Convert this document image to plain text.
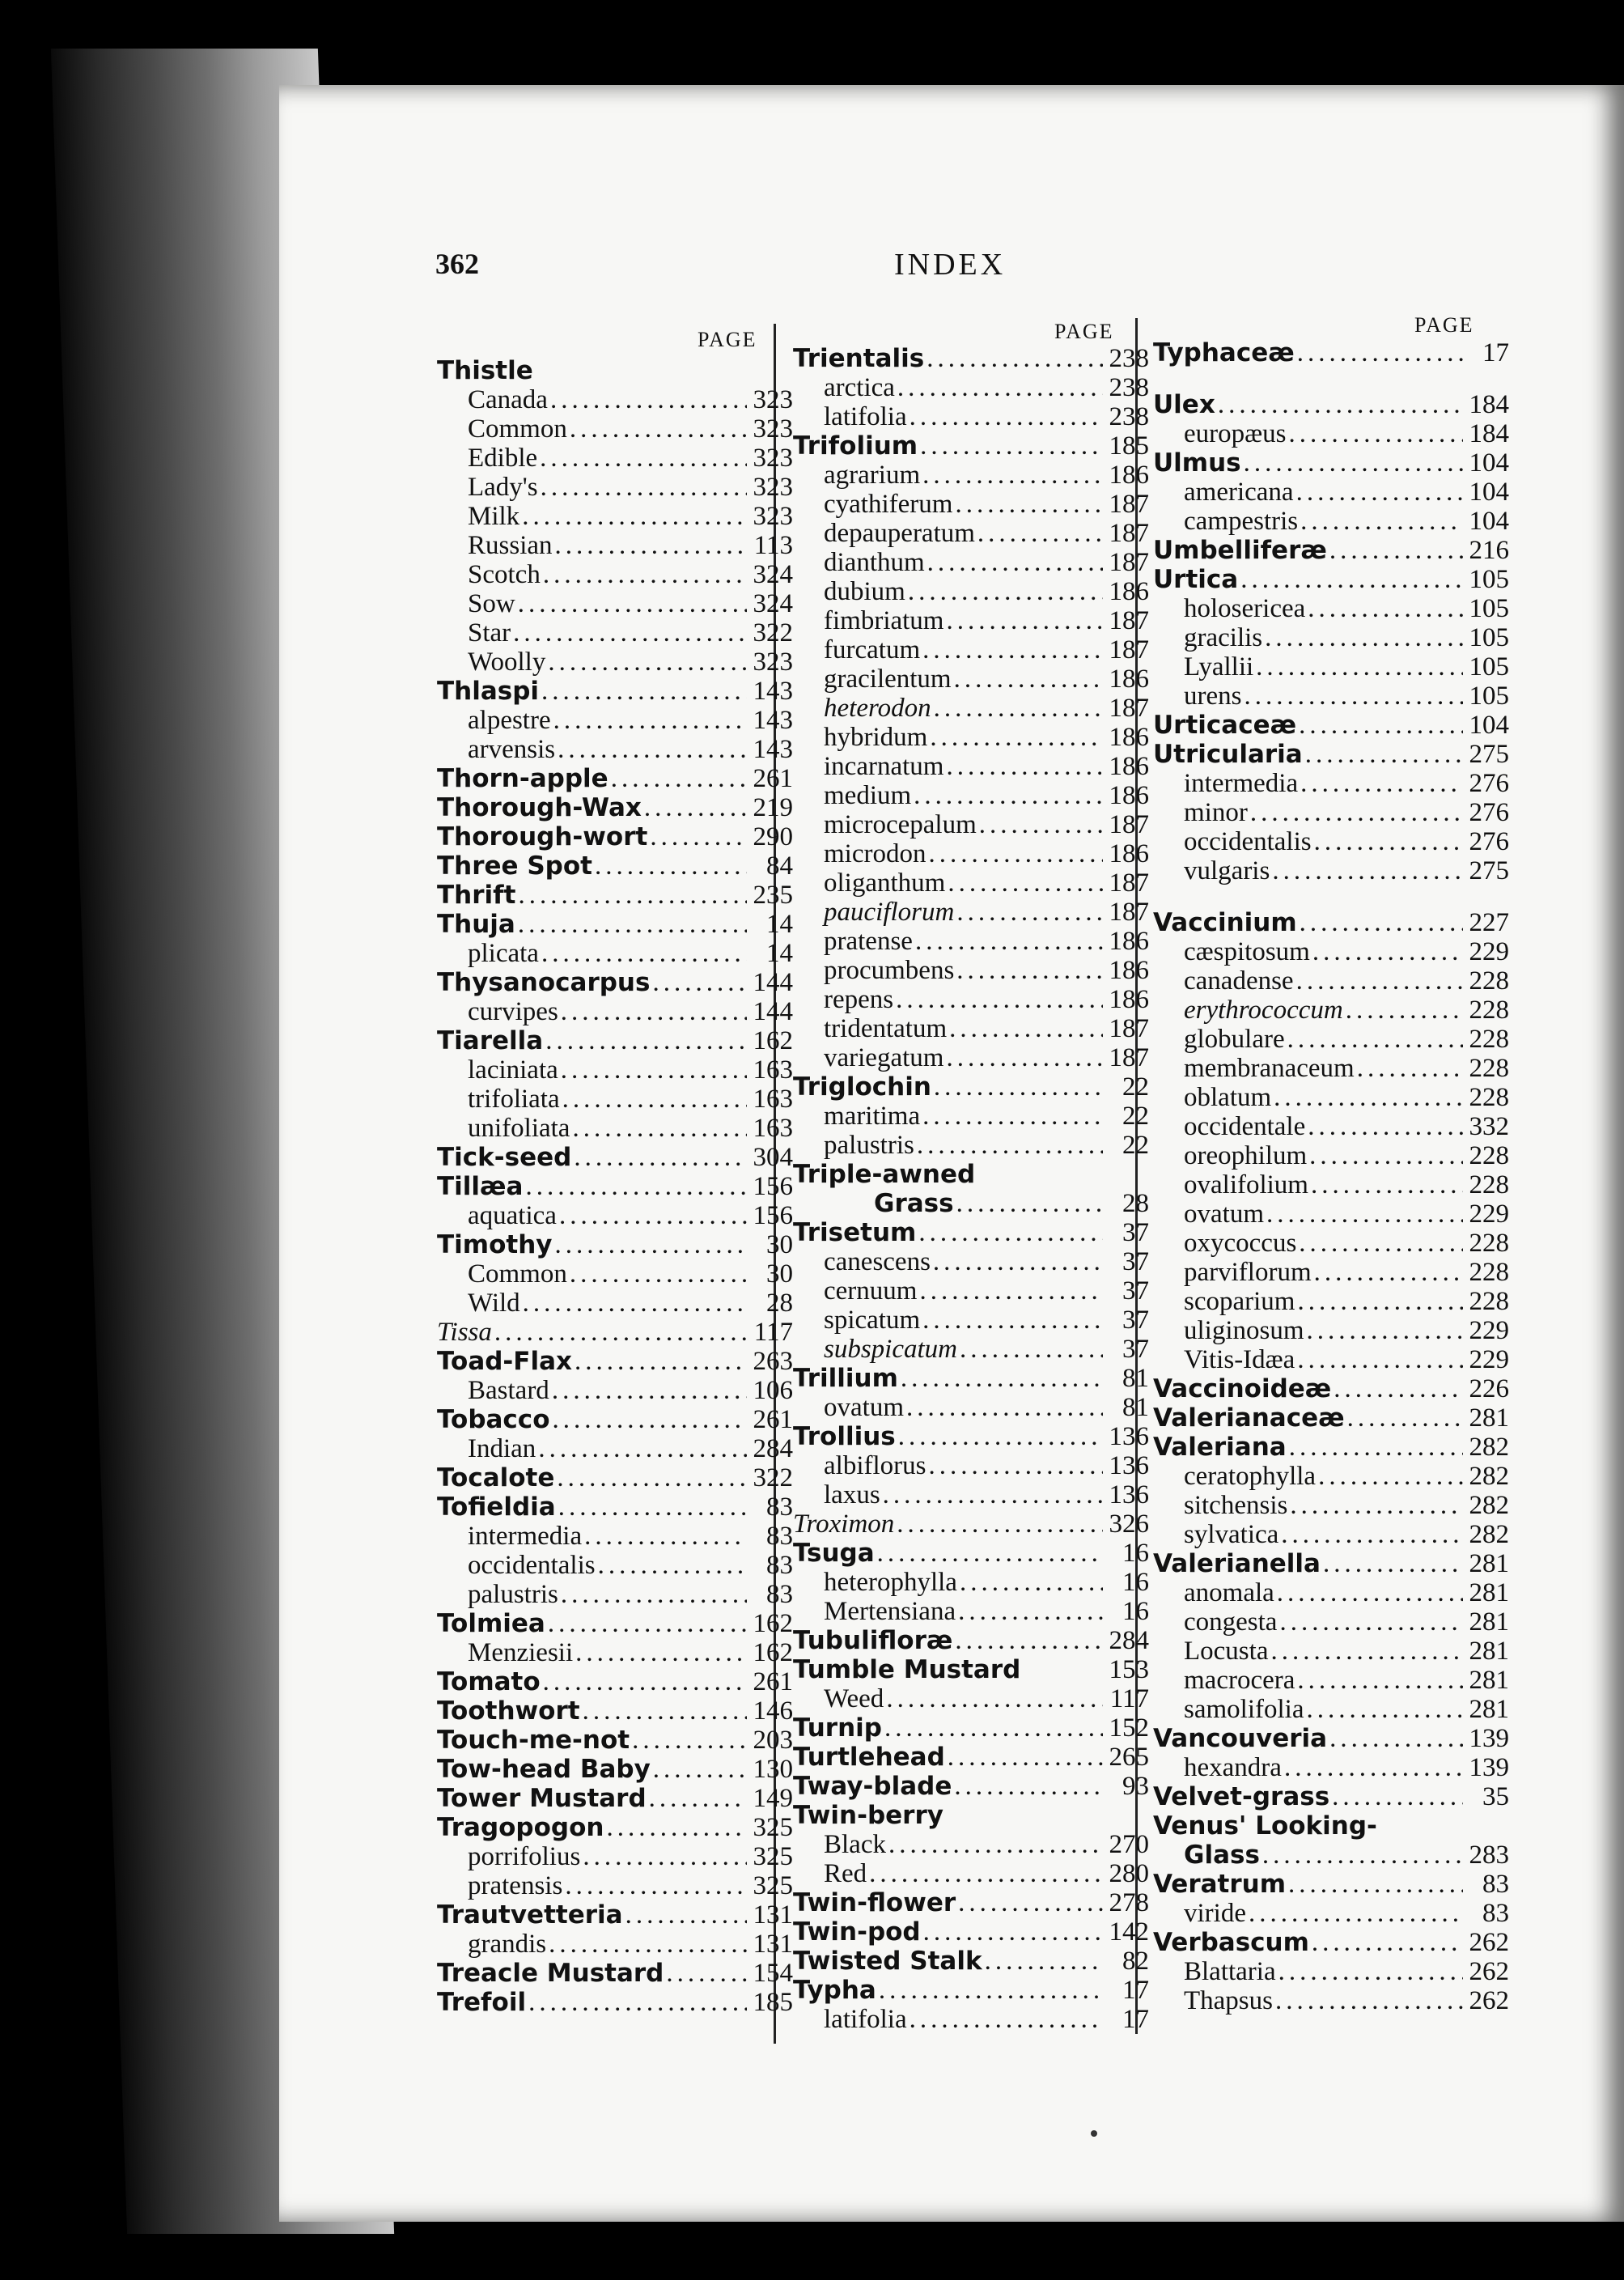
362	INDEX
PAGE	PAGE	PAGE
Thistle
Canada .....	323
Common .....	323
Edible .....	323
Lady's .....	323
Milk .....	323
Russian .....	113
Scotch .....	324
Sow .....	324
Star .....	322
Woolly .....	323
Thlaspi .....	143
alpestre .....	143
arvensis .....	143
Thorn-apple .....	261
Thorough-Wax .....	219
Thorough-wort .....	290
Three Spot .....	84
Thrift .....	235
Thuja .....	14
plicata .....	14
Thysanocarpus .....	144
curvipes .....	144
Tiarella .....	162
laciniata .....	163
trifoliata .....	163
unifoliata .....	163
Tick-seed .....	304
Tillæa .....	156
aquatica .....	156
Timothy .....	30
Common .....	30
Wild .....	28
Tissa .....	117
Toad-Flax .....	263
Bastard .....	106
Tobacco .....	261
Indian .....	284
Tocalote .....	322
Tofieldia .....	83
intermedia .....	83
occidentalis .....	83
palustris .....	83
Tolmiea .....	162
Menziesii .....	162
Tomato .....	261
Toothwort .....	146
Touch-me-not .....	203
Tow-head Baby .....	130
Tower Mustard .....	149
Tragopogon .....	325
porrifolius .....	325
pratensis .....	325
Trautvetteria .....	131
grandis .....	131
Treacle Mustard .....	154
Trefoil .....	185
Trientalis .....	238
arctica .....	238
latifolia .....	238
Trifolium .....	185
agrarium .....	186
cyathiferum .....	187
depauperatum .....	187
dianthum .....	187
dubium .....	186
fimbriatum .....	187
furcatum .....	187
gracilentum .....	186
heterodon .....	187
hybridum .....	186
incarnatum .....	186
medium .....	186
microcepalum .....	187
microdon .....	186
oliganthum .....	187
pauciflorum .....	187
pratense .....	186
procumbens .....	186
repens .....	186
tridentatum .....	187
variegatum .....	187
Triglochin .....	22
maritima .....	22
palustris .....	22
Triple-awned
Grass .....	28
Trisetum .....	37
canescens .....	37
cernuum .....	37
spicatum .....	37
subspicatum .....	37
Trillium .....	81
ovatum .....	81
Trollius .....	136
albiflorus .....	136
laxus .....	136
Troximon .....	326
Tsuga .....	16
heterophylla .....	16
Mertensiana .....	16
Tubulifloræ .....	284
Tumble Mustard	153
Weed .....	117
Turnip .....	152
Turtlehead .....	265
Tway-blade .....	93
Twin-berry
Black .....	270
Red .....	280
Twin-flower .....	278
Twin-pod .....	142
Twisted Stalk .....	82
Typha .....	17
latifolia .....	17
Typhaceæ .....	17
Ulex .....	184
europæus .....	184
Ulmus .....	104
americana .....	104
campestris .....	104
Umbelliferæ .....	216
Urtica .....	105
holosericea .....	105
gracilis .....	105
Lyallii .....	105
urens .....	105
Urticaceæ .....	104
Utricularia .....	275
intermedia .....	276
minor .....	276
occidentalis .....	276
vulgaris .....	275
Vaccinium .....	227
cæspitosum .....	229
canadense .....	228
erythrococcum .....	228
globulare .....	228
membranaceum .....	228
oblatum .....	228
occidentale .....	332
oreophilum .....	228
ovalifolium .....	228
ovatum .....	229
oxycoccus .....	228
parviflorum .....	228
scoparium .....	228
uliginosum .....	229
Vitis-Idæa .....	229
Vaccinoideæ .....	226
Valerianaceæ .....	281
Valeriana .....	282
ceratophylla .....	282
sitchensis .....	282
sylvatica .....	282
Valerianella .....	281
anomala .....	281
congesta .....	281
Locusta .....	281
macrocera .....	281
samolifolia .....	281
Vancouveria .....	139
hexandra .....	139
Velvet-grass .....	35
Venus' Looking-
Glass .....	283
Veratrum .....	83
viride .....	83
Verbascum .....	262
Blattaria .....	262
Thapsus .....	262
